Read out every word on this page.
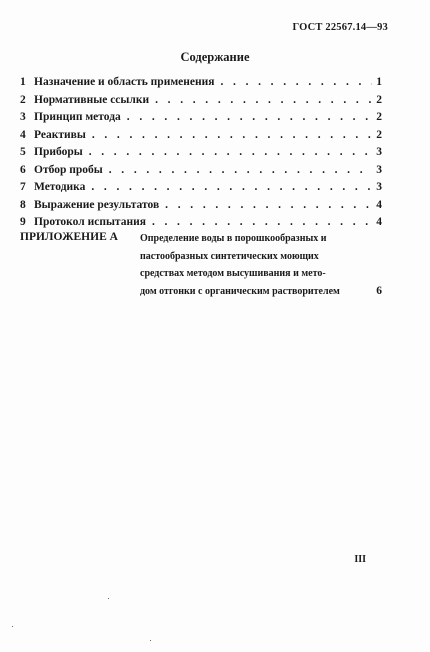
ГОСТ 22567.14—93
Содержание
1 Назначение и область применения . . .	1
2 Нормативные ссылки . . .	2
3 Принцип метода . . .	2
4 Реактивы . . .	2
5 Приборы . . .	3
6 Отбор пробы . . .	3
7 Методика . . .	3
8 Выражение результатов . . .	4
9 Протокол испытания . . .	4
ПРИЛОЖЕНИЕ А Определение воды в порошкообразных и
пастообразных синтетических моющих
средствах методом высушивания и мето-
дом отгонки с органическим растворителем	6
III
